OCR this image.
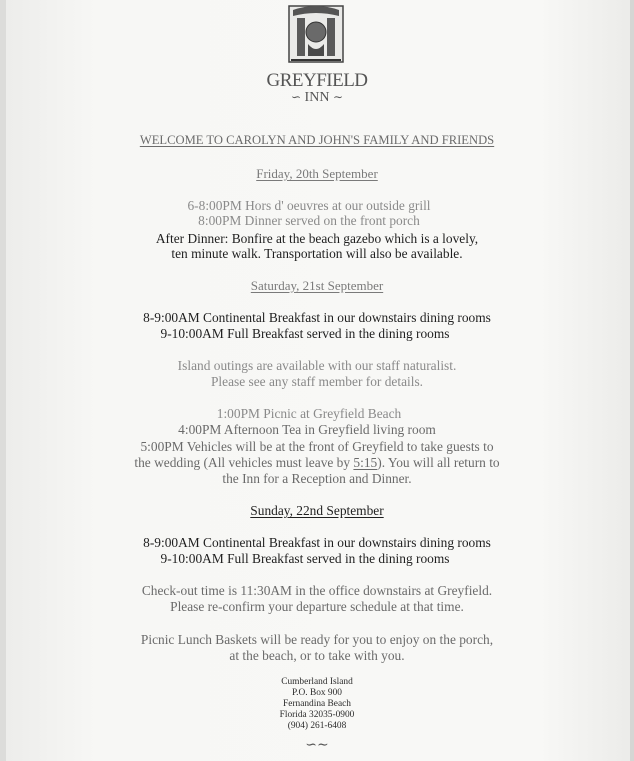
GREYFIELD
∽ INN ∼
WELCOME TO CAROLYN AND JOHN'S FAMILY AND FRIENDS
Friday, 20th September
6-8:00PM Hors d' oeuvres at our outside grill
8:00PM Dinner served on the front porch
After Dinner: Bonfire at the beach gazebo which is a lovely,
ten minute walk. Transportation will also be available.
Saturday, 21st September
8-9:00AM Continental Breakfast in our downstairs dining rooms
9-10:00AM Full Breakfast served in the dining rooms
Island outings are available with our staff naturalist.
Please see any staff member for details.
1:00PM Picnic at Greyfield Beach
4:00PM Afternoon Tea in Greyfield living room
5:00PM Vehicles will be at the front of Greyfield to take guests to
the wedding (All vehicles must leave by 5:15). You will all return to
the Inn for a Reception and Dinner.
Sunday, 22nd September
8-9:00AM Continental Breakfast in our downstairs dining rooms
9-10:00AM Full Breakfast served in the dining rooms
Check-out time is 11:30AM in the office downstairs at Greyfield.
Please re-confirm your departure schedule at that time.
Picnic Lunch Baskets will be ready for you to enjoy on the porch,
at the beach, or to take with you.
Cumberland Island
P.O. Box 900
Fernandina Beach
Florida 32035-0900
(904) 261-6408
∽∼
